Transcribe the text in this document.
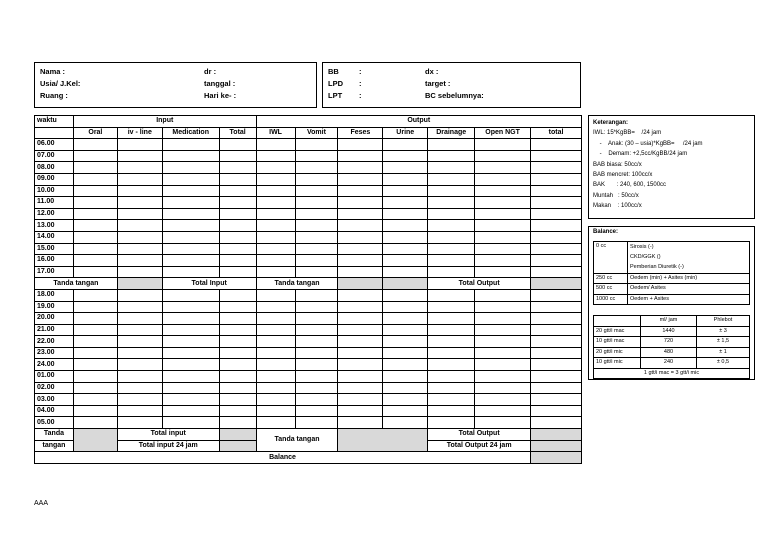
Nama :
Usia/ J.Kel:
Ruang :
dr :
tanggal :
Hari ke- :
BB
LPD
LPT
:
:
:
dx :
target :
BC sebelumnya:
waktu	Input				Output						
	Oral	iv - line	Medication	Total	IWL	Vomit	Feses	Urine	Drainage	Open NGT	total
06.00											
07.00											
08.00											
09.00											
10.00											
11.00											
12.00											
13.00											
14.00											
15.00											
16.00											
17.00											
Tanda tangan			Total Input		Tanda tangan				Total Output		
18.00											
19.00											
20.00											
21.00											
22.00											
23.00											
24.00											
01.00											
02.00											
03.00											
04.00											
05.00											
Tanda		Total input			Tanda tangan				Total Output		
tangan		Total input 24 jam							Total Output 24 jam		
Balance											
Keterangan:
IWL: 15*KgBB=    /24 jam
-    Anak: (30 – usia)*KgBB=     /24 jam
-    Demam: +2,5cc/KgBB/24 jam
BAB biasa: 50cc/x
BAB mencret: 100cc/x
BAK       : 240, 600, 1500cc
Muntah   : 50cc/x
Makan    : 100cc/x
Balance:
0 cc	Sirosis (-)
	CKD/GGK ()
	Pemberian Diuretik (-)
250 cc	Oedem (min) + Asites (min)
500 cc	Oedem/ Asites
1000 cc	Oedem + Asites
	ml/ jam	Phlebot
20 gtt/i mac	1440	± 3
10 gtt/i mac	720	± 1,5
20 gtt/i mic	480	± 1
10 gtt/i mic	240	± 0,5
1 gtt/i mac = 3 gtt/i mic		
AAA
